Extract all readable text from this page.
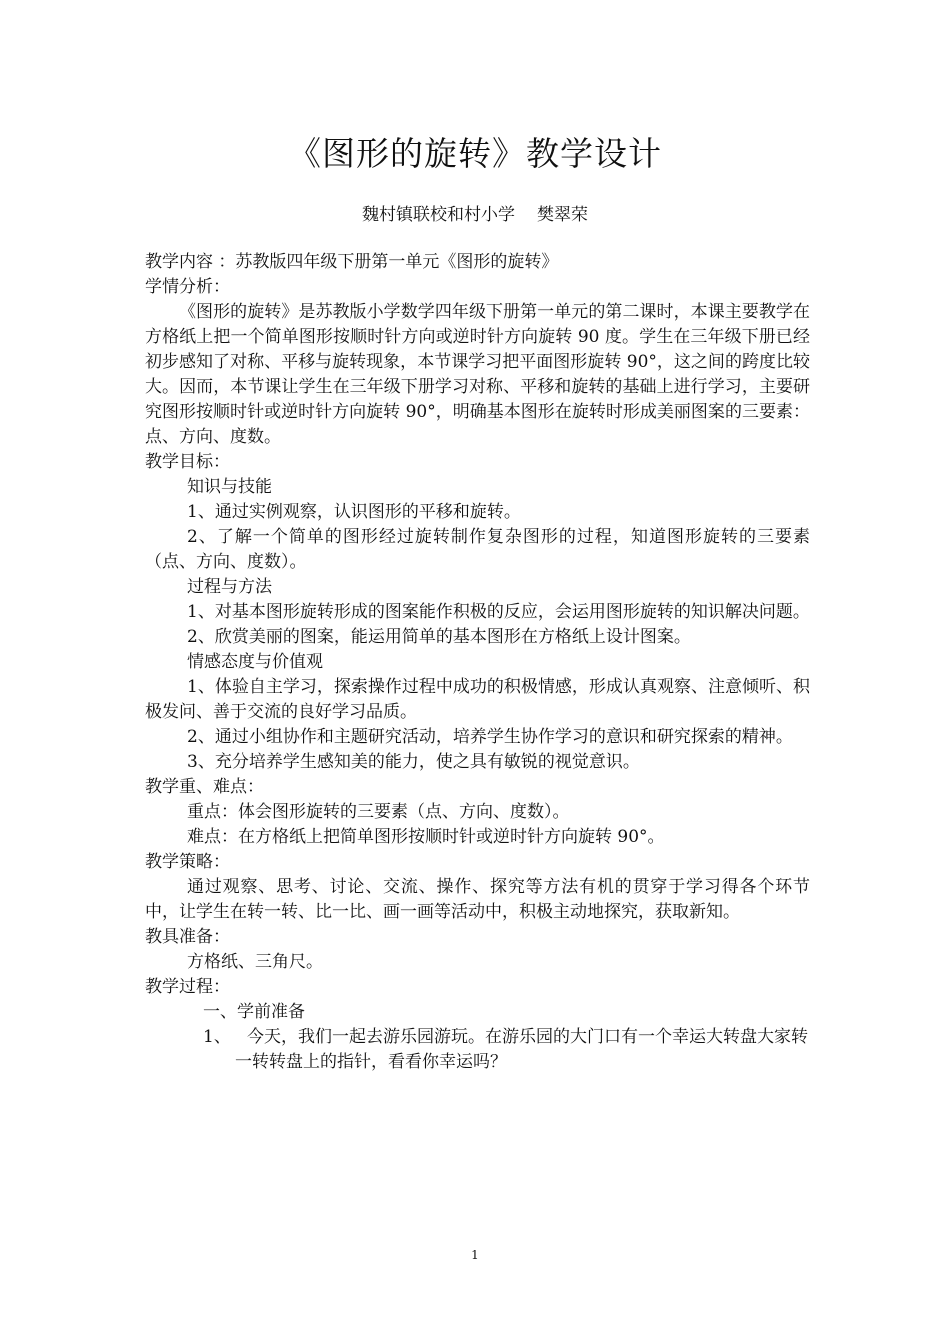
《图形的旋转》教学设计
魏村镇联校和村小学 樊翠荣
教学内容 ：苏教版四年级下册第一单元《图形的旋转》
学情分析：
《图形的旋转》是苏教版小学数学四年级下册第一单元的第二课时，本课主要教学在方格纸上把一个简单图形按顺时针方向或逆时针方向旋转 90 度。学生在三年级下册已经初步感知了对称、平移与旋转现象，本节课学习把平面图形旋转 90°，这之间的跨度比较大。因而，本节课让学生在三年级下册学习对称、平移和旋转的基础上进行学习，主要研究图形按顺时针或逆时针方向旋转 90°，明确基本图形在旋转时形成美丽图案的三要素：点、方向、度数。
教学目标：
知识与技能
1、通过实例观察，认识图形的平移和旋转。
2、了解一个简单的图形经过旋转制作复杂图形的过程，知道图形旋转的三要素（点、方向、度数）。
过程与方法
1、对基本图形旋转形成的图案能作积极的反应，会运用图形旋转的知识解决问题。
2、欣赏美丽的图案，能运用简单的基本图形在方格纸上设计图案。
情感态度与价值观
1、体验自主学习，探索操作过程中成功的积极情感，形成认真观察、注意倾听、积极发问、善于交流的良好学习品质。
2、通过小组协作和主题研究活动，培养学生协作学习的意识和研究探索的精神。
3、充分培养学生感知美的能力，使之具有敏锐的视觉意识。
教学重、难点：
重点：体会图形旋转的三要素（点、方向、度数）。
难点：在方格纸上把简单图形按顺时针或逆时针方向旋转 90°。
教学策略：
通过观察、思考、讨论、交流、操作、探究等方法有机的贯穿于学习得各个环节中，让学生在转一转、比一比、画一画等活动中，积极主动地探究，获取新知。
教具准备：
方格纸、三角尺。
教学过程：
一、学前准备
1、 今天，我们一起去游乐园游玩。在游乐园的大门口有一个幸运大转盘大家转一转转盘上的指针，看看你幸运吗？
1
